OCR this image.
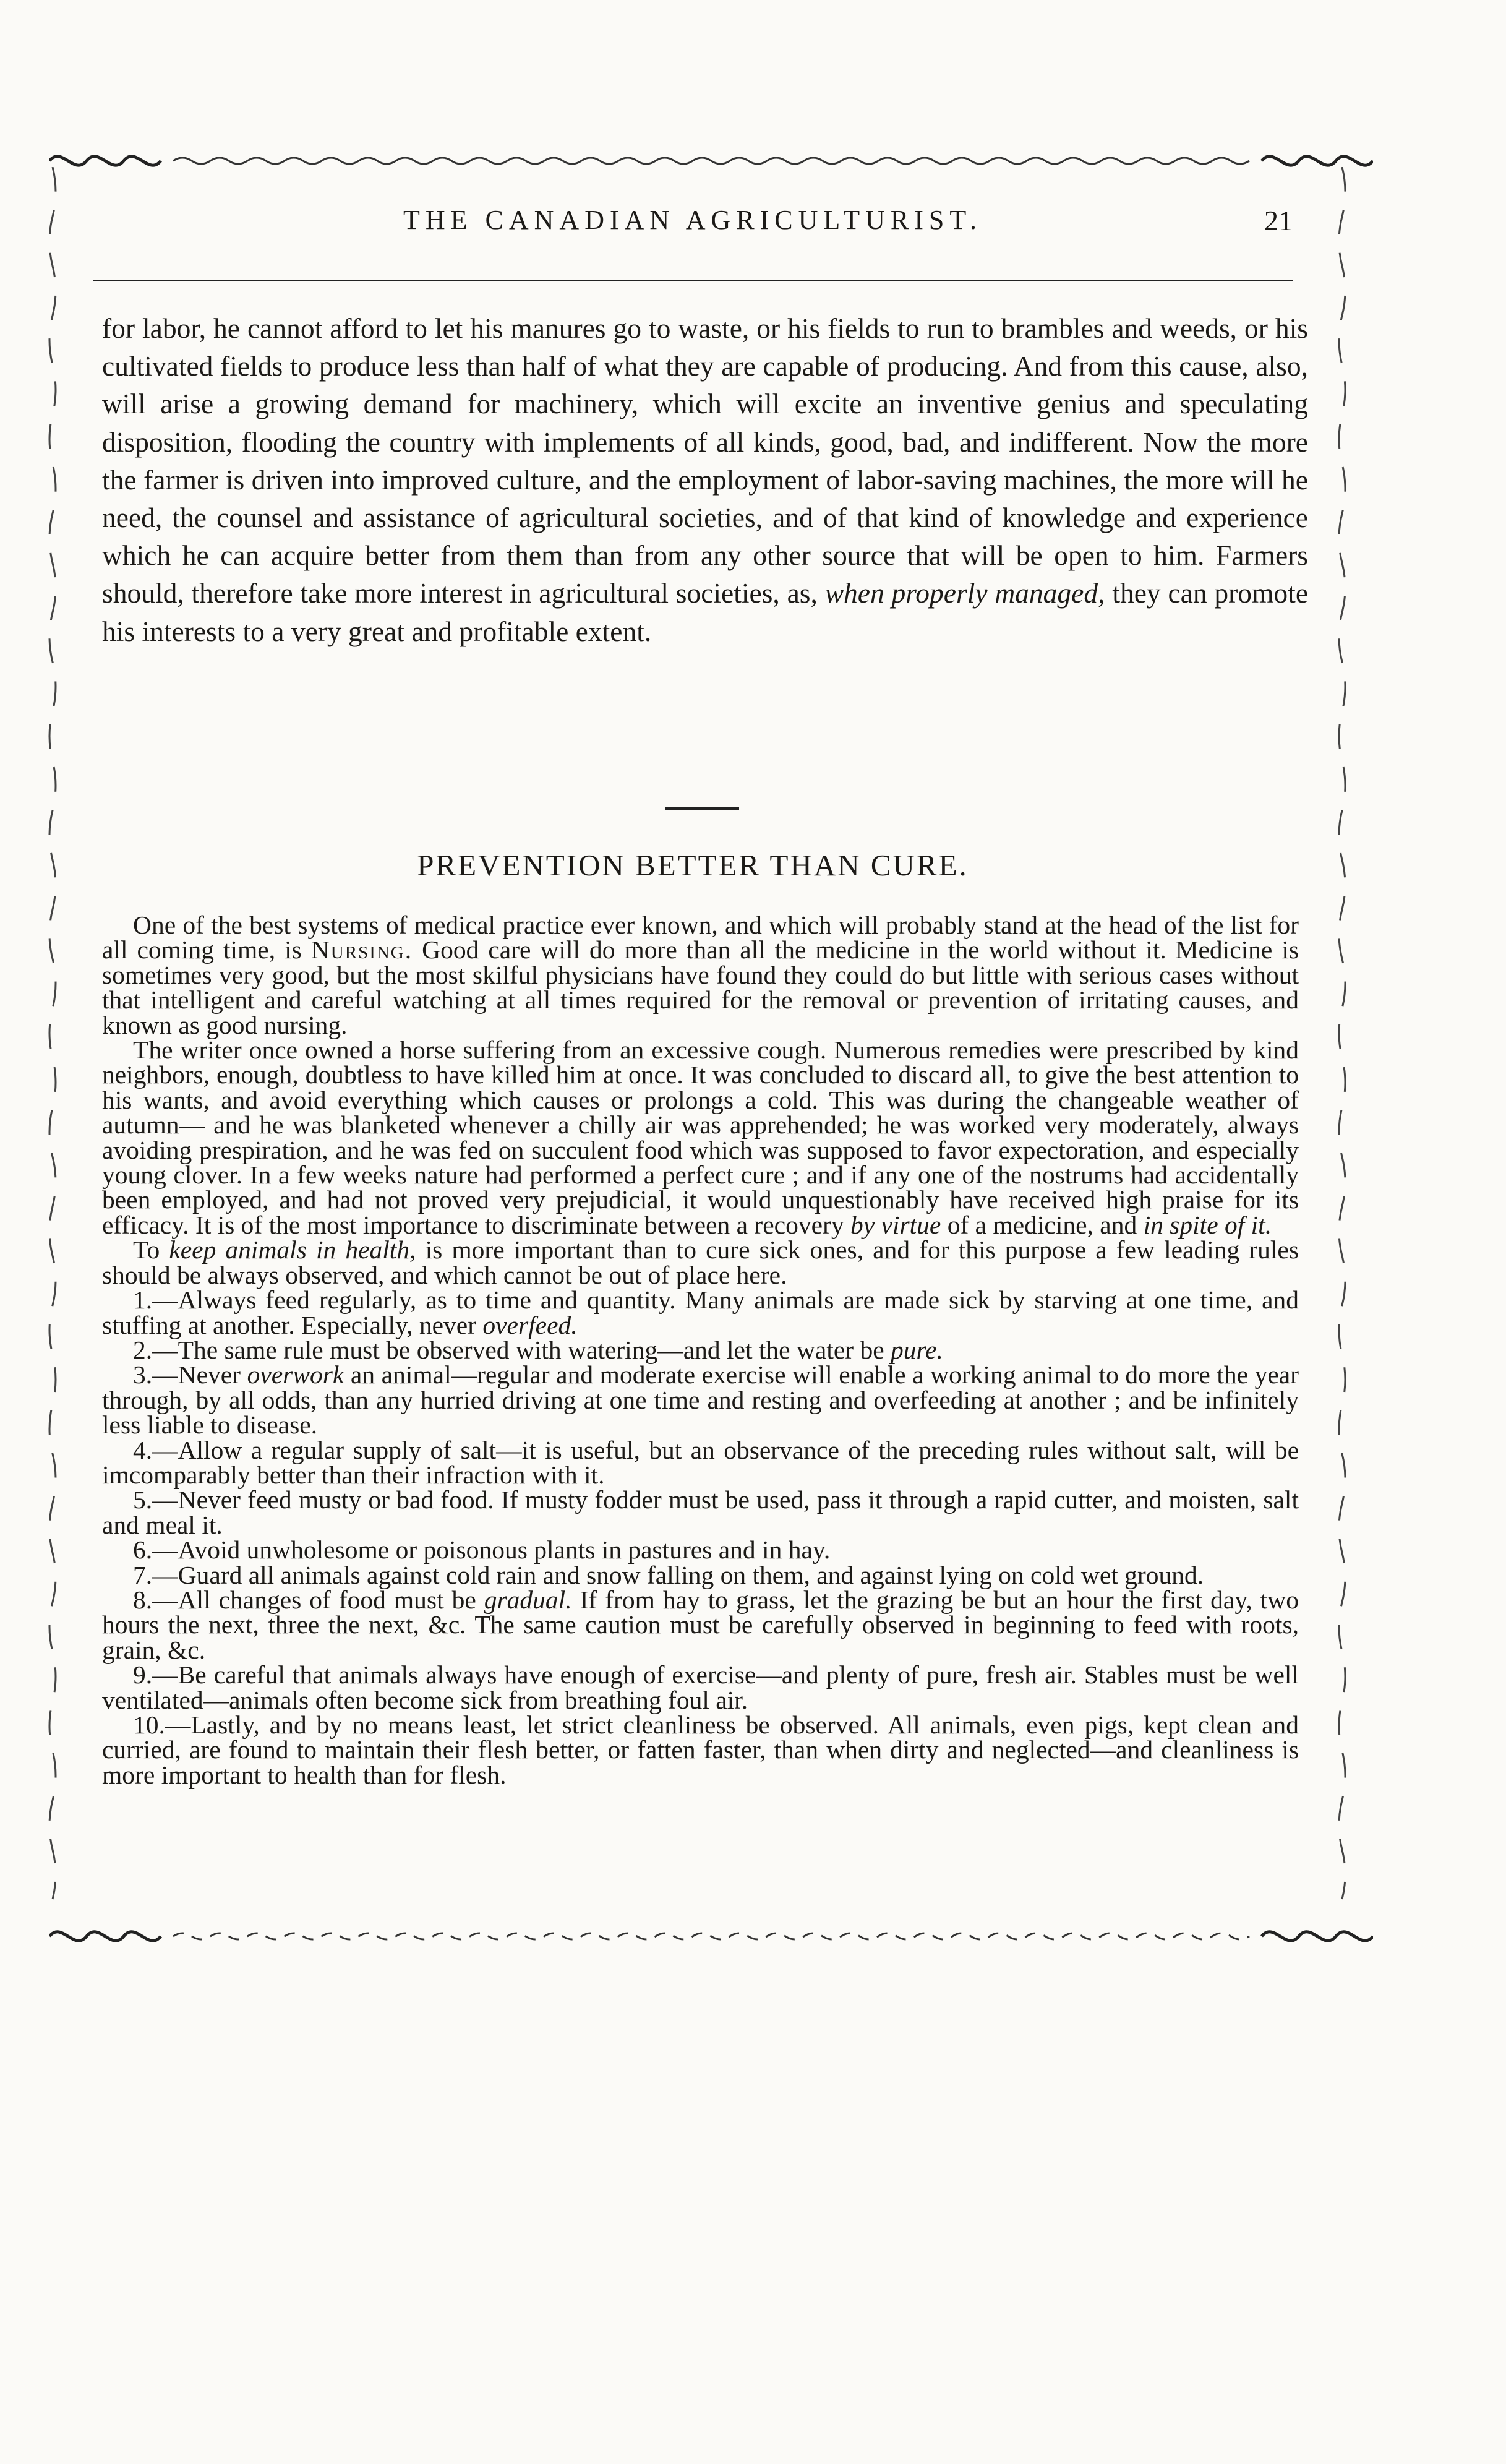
THE CANADIAN AGRICULTURIST.	21

for labor, he cannot afford to let his manures go to waste, or his fields to run to brambles and weeds, or his cultivated fields to produce less than half of what they are capable of producing. And from this cause, also, will arise a growing demand for machinery, which will excite an inventive genius and speculating disposition, flooding the country with implements of all kinds, good, bad, and indifferent. Now the more the farmer is driven into improved culture, and the employment of labor-saving machines, the more will he need, the counsel and assistance of agricultural societies, and of that kind of knowledge and experience which he can acquire better from them than from any other source that will be open to him. Farmers should, therefore take more interest in agricultural societies, as, when properly managed, they can promote his interests to a very great and profitable extent.

PREVENTION BETTER THAN CURE.

One of the best systems of medical practice ever known, and which will probably stand at the head of the list for all coming time, is Nursing. Good care will do more than all the medicine in the world without it. Medicine is sometimes very good, but the most skilful physicians have found they could do but little with serious cases without that intelligent and careful watching at all times required for the removal or prevention of irritating causes, and known as good nursing.

The writer once owned a horse suffering from an excessive cough. Numerous remedies were prescribed by kind neighbors, enough, doubtless to have killed him at once. It was concluded to discard all, to give the best attention to his wants, and avoid everything which causes or prolongs a cold. This was during the changeable weather of autumn— and he was blanketed whenever a chilly air was apprehended; he was worked very moderately, always avoiding prespiration, and he was fed on succulent food which was supposed to favor expectoration, and especially young clover. In a few weeks nature had performed a perfect cure ; and if any one of the nostrums had accidentally been employed, and had not proved very prejudicial, it would unquestionably have received high praise for its efficacy. It is of the most importance to discriminate between a recovery by virtue of a medicine, and in spite of it.

To keep animals in health, is more important than to cure sick ones, and for this purpose a few leading rules should be always observed, and which cannot be out of place here.

1.—Always feed regularly, as to time and quantity. Many animals are made sick by starving at one time, and stuffing at another. Especially, never overfeed.

2.—The same rule must be observed with watering—and let the water be pure.

3.—Never overwork an animal—regular and moderate exercise will enable a working animal to do more the year through, by all odds, than any hurried driving at one time and resting and overfeeding at another ; and be infinitely less liable to disease.

4.—Allow a regular supply of salt—it is useful, but an observance of the preceding rules without salt, will be imcomparably better than their infraction with it.

5.—Never feed musty or bad food. If musty fodder must be used, pass it through a rapid cutter, and moisten, salt and meal it.

6.—Avoid unwholesome or poisonous plants in pastures and in hay.

7.—Guard all animals against cold rain and snow falling on them, and against lying on cold wet ground.

8.—All changes of food must be gradual. If from hay to grass, let the grazing be but an hour the first day, two hours the next, three the next, &c. The same caution must be carefully observed in beginning to feed with roots, grain, &c.

9.—Be careful that animals always have enough of exercise—and plenty of pure, fresh air. Stables must be well ventilated—animals often become sick from breathing foul air.

10.—Lastly, and by no means least, let strict cleanliness be observed. All animals, even pigs, kept clean and curried, are found to maintain their flesh better, or fatten faster, than when dirty and neglected—and cleanliness is more important to health than for flesh.
